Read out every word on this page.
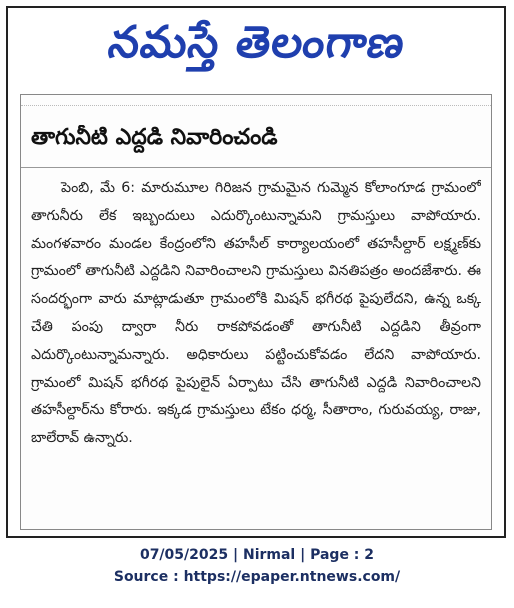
నమస్తే తెలంగాణ
తాగునీటి ఎద్దడి నివారించండి
పెంబి, మే 6: మారుమూల గిరిజన గ్రామమైన గుమ్మెన కోలాంగూడ గ్రామంలో తాగునీరు లేక ఇబ్బందులు ఎదుర్కొంటున్నామని గ్రామస్తులు వాపోయారు. మంగళవారం మండల కేంద్రంలోని తహసీల్ కార్యాలయంలో తహసీల్దార్ లక్ష్మణ్‌కు గ్రామంలో తాగునీటి ఎద్దడిని నివారించాలని గ్రామస్తులు వినతిపత్రం అందజేశారు. ఈ సందర్భంగా వారు మాట్లాడుతూ గ్రామంలోకి మిషన్ భగీరథ పైపులేదని, ఉన్న ఒక్క చేతి పంపు ద్వారా నీరు రాకపోవడంతో తాగునీటి ఎద్దడిని తీవ్రంగా ఎదుర్కొంటున్నామన్నారు. అధికారులు పట్టించుకోవడం లేదని వాపోయారు. గ్రామంలో మిషన్ భగీరథ పైపులైన్ ఏర్పాటు చేసి తాగునీటి ఎద్దడి నివారించాలని తహసీల్దార్‌ను కోరారు. ఇక్కడ గ్రామస్తులు టేకం ధర్మ, సీతారాం, గురువయ్య, రాజు, బాలేరావ్ ఉన్నారు.
07/05/2025 | Nirmal | Page : 2
Source : https://epaper.ntnews.com/
